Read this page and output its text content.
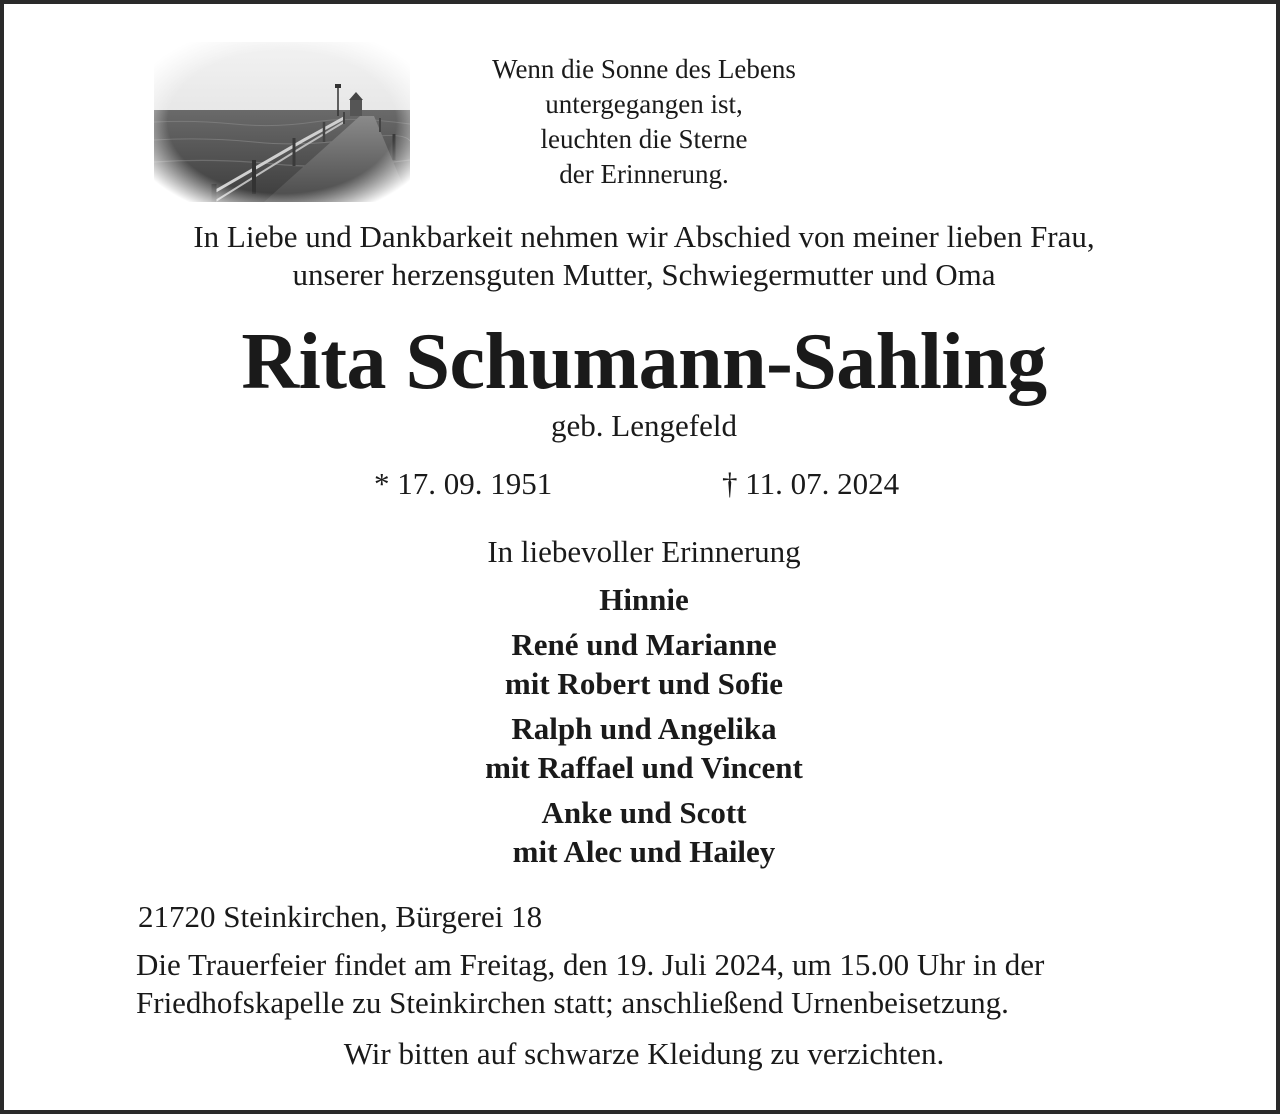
Wenn die Sonne des Lebens
untergegangen ist,
leuchten die Sterne
der Erinnerung.
In Liebe und Dankbarkeit nehmen wir Abschied von meiner lieben Frau,
unserer herzensguten Mutter, Schwiegermutter und Oma
Rita Schumann-Sahling
geb. Lengefeld
* 17. 09. 1951	† 11. 07. 2024
In liebevoller Erinnerung
Hinnie
René und Marianne
mit Robert und Sofie
Ralph und Angelika
mit Raffael und Vincent
Anke und Scott
mit Alec und Hailey
21720 Steinkirchen, Bürgerei 18
Die Trauerfeier findet am Freitag, den 19. Juli 2024, um 15.00 Uhr in der
Friedhofskapelle zu Steinkirchen statt; anschließend Urnenbeisetzung.
Wir bitten auf schwarze Kleidung zu verzichten.
